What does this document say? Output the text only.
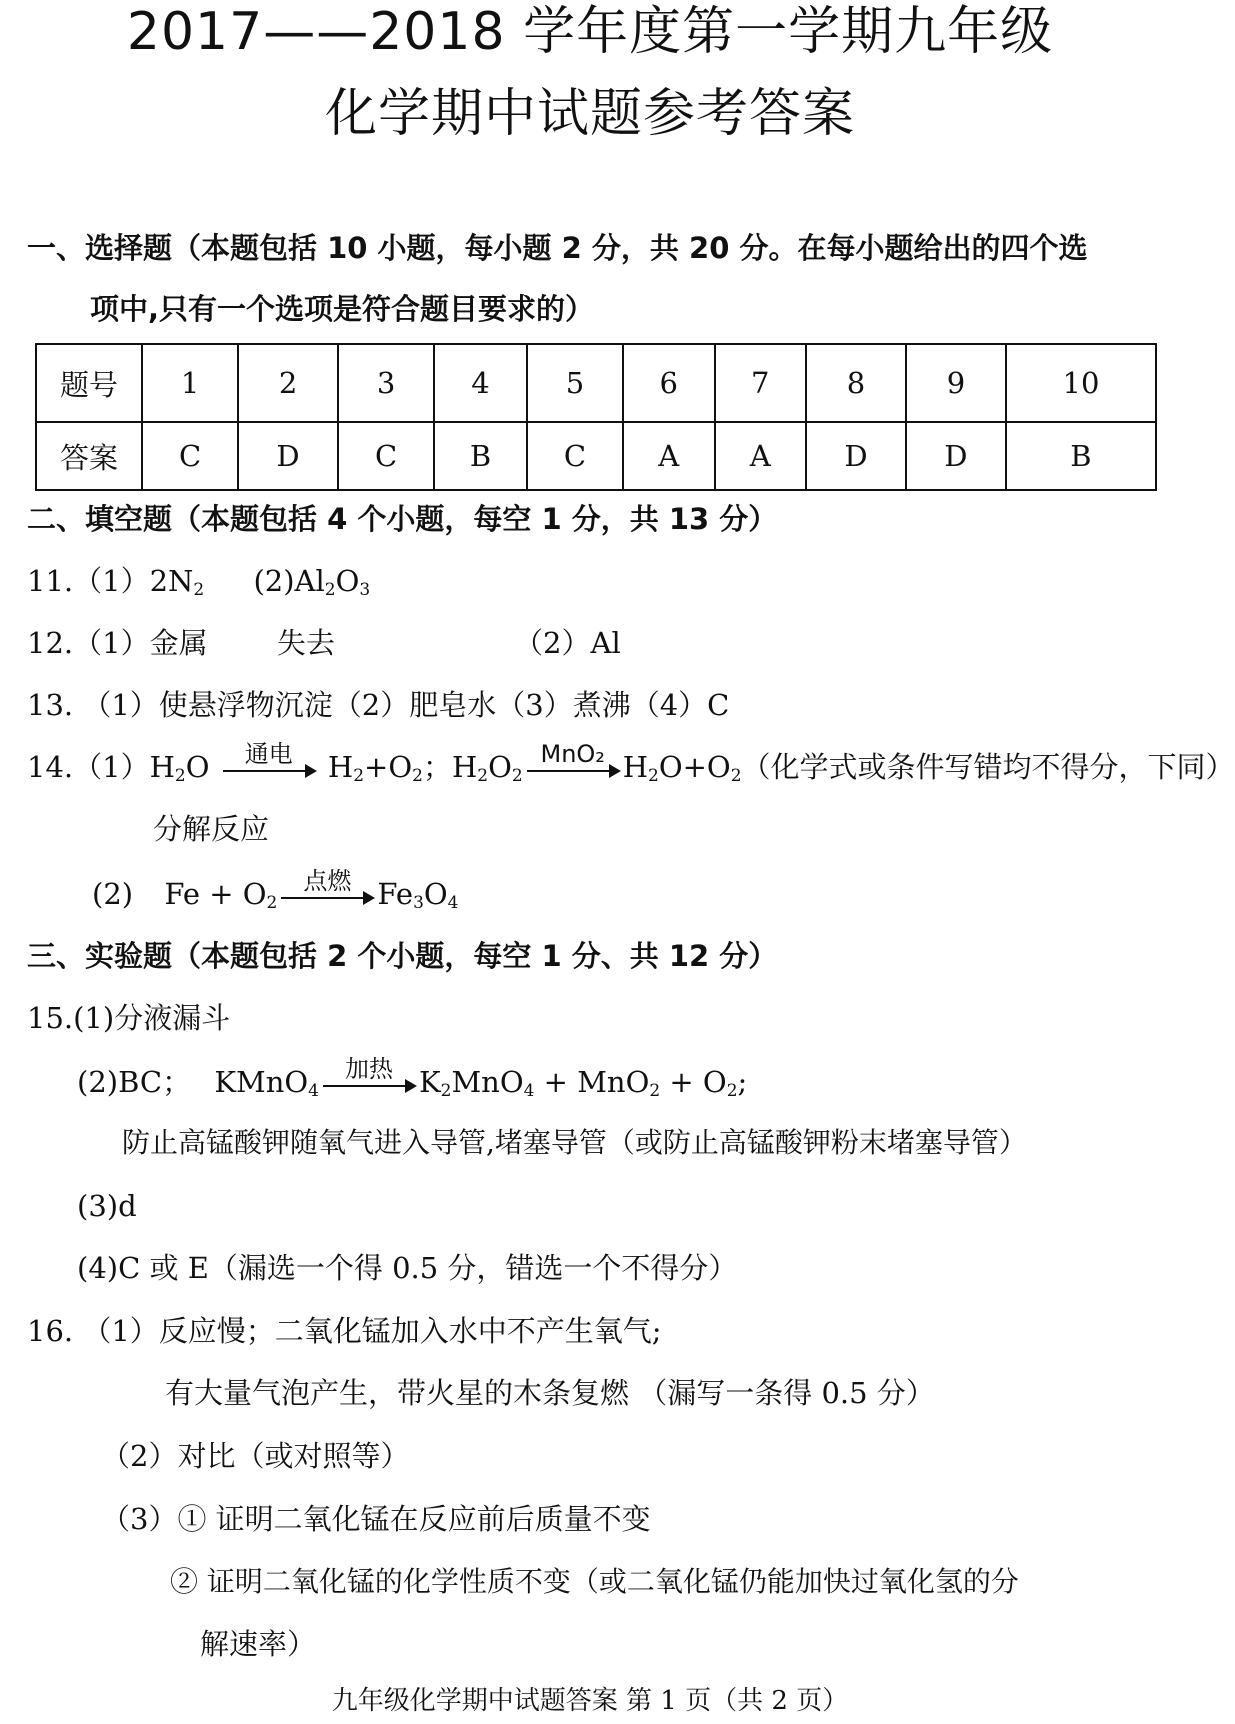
2017——2018 学年度第一学期九年级
化学期中试题参考答案
一、选择题（本题包括 10 小题，每小题 2 分，共 20 分。在每小题给出的四个选
项中,只有一个选项是符合题目要求的）
题号	1	2	3	4	5	6	7	8	9	10
答案	C	D	C	B	C	A	A	D	D	B
二、填空题（本题包括 4 个小题，每空 1 分，共 13 分）
$11.(1)2N_2$ $(2)Al_2O_3$
12.（1）金属 失去	（2）Al
13. （1）使悬浮物沉淀（2）肥皂水（3）煮沸（4）C
$14.(1)H_2O$	通电	$H_2+O_2$；$H_2O_2$
MnO₂ $H_2O+O_2$（化学式或条件写错均不得分，下同）
分解反应
(2) $Fe + O_2$
点燃 $Fe_3O_4$
三、实验题（本题包括 2 个小题，每空 1 分、共 12 分）
15.(1)分液漏斗
(2)BC； KMnO$_4$
加热 $K_2MnO_4 + MnO_2 + O_2$;
防止高锰酸钾随氧气进入导管,堵塞导管（或防止高锰酸钾粉末堵塞导管）
(3)d
(4)C 或 E（漏选一个得 0.5 分，错选一个不得分）
16. （1）反应慢；二氧化锰加入水中不产生氧气;
有大量气泡产生，带火星的木条复燃 （漏写一条得 0.5 分）
（2）对比（或对照等）
（3）① 证明二氧化锰在反应前后质量不变
② 证明二氧化锰的化学性质不变（或二氧化锰仍能加快过氧化氢的分
解速率）
九年级化学期中试题答案 第 1 页（共 2 页）
